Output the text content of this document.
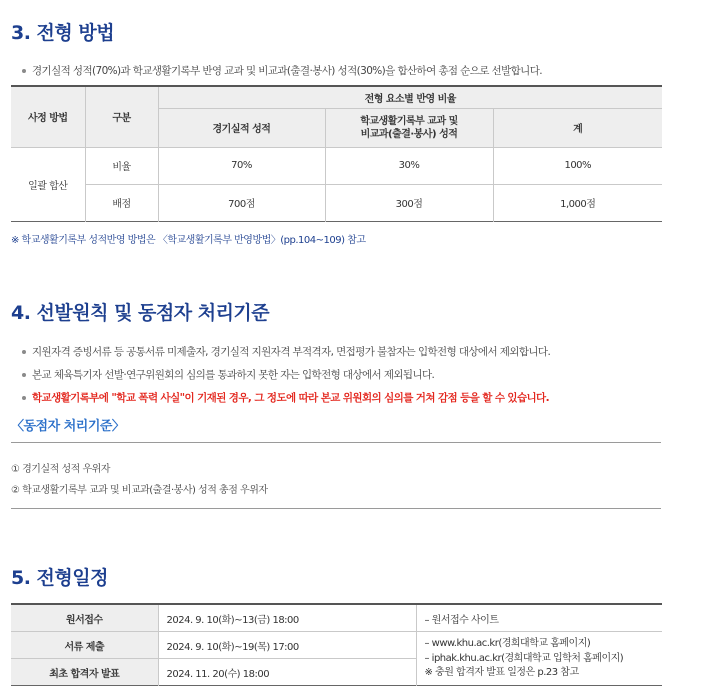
3. 전형 방법
경기실적 성적(70%)과 학교생활기록부 반영 교과 및 비교과(출결·봉사) 성적(30%)을 합산하여 총점 순으로 선발합니다.
사정 방법	구분	전형 요소별 반영 비율		
		경기실적 성적	학교생활기록부 교과 및
비교과(출결·봉사) 성적	계
일괄 합산	비율	70%	30%	100%
	배점	700점	300점	1,000점
※ 학교생활기록부 성적반영 방법은 〈학교생활기록부 반영방법〉(pp.104~109) 참고
4. 선발원칙 및 동점자 처리기준
지원자격 증빙서류 등 공통서류 미제출자, 경기실적 지원자격 부적격자, 면접평가 불참자는 입학전형 대상에서 제외합니다.
본교 체육특기자 선발·연구위원회의 심의를 통과하지 못한 자는 입학전형 대상에서 제외됩니다.
학교생활기록부에 "학교 폭력 사실"이 기재된 경우, 그 정도에 따라 본교 위원회의 심의를 거쳐 감점 등을 할 수 있습니다.
〈동점자 처리기준〉
① 경기실적 성적 우위자
② 학교생활기록부 교과 및 비교과(출결·봉사) 성적 총점 우위자
5. 전형일정
원서접수	2024. 9. 10(화)~13(금) 18:00	– 원서접수 사이트
서류 제출	2024. 9. 10(화)~19(목) 17:00	– www.khu.ac.kr(경희대학교 홈페이지)
– iphak.khu.ac.kr(경희대학교 입학처 홈페이지)
※ 충원 합격자 발표 일정은 p.23 참고

최초 합격자 발표	2024. 11. 20(수) 18:00	
